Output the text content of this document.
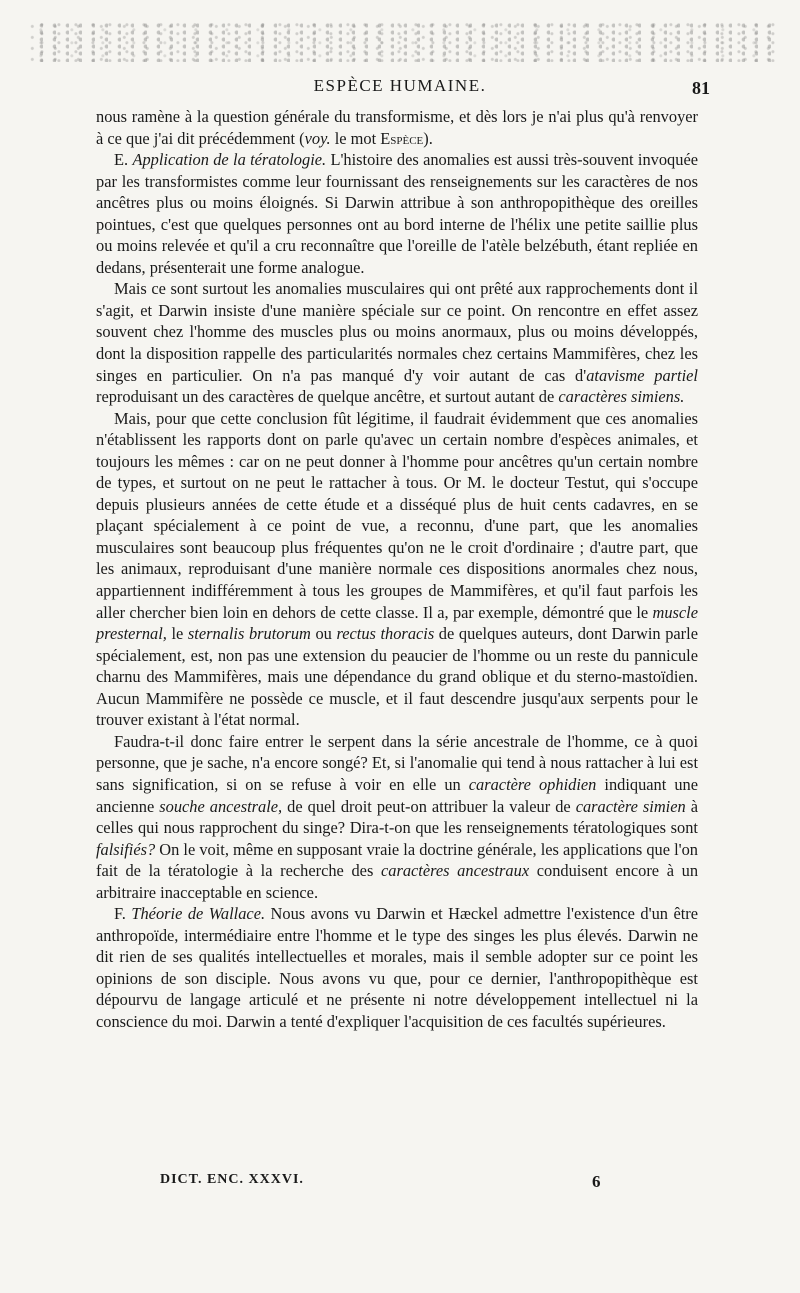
ESPÈCE HUMAINE.	81

nous ramène à la question générale du transformisme, et dès lors je n'ai plus qu'à renvoyer à ce que j'ai dit précédemment (voy. le mot Espèce).

E. Application de la tératologie. L'histoire des anomalies est aussi très-souvent invoquée par les transformistes comme leur fournissant des renseignements sur les caractères de nos ancêtres plus ou moins éloignés. Si Darwin attribue à son anthropopithèque des oreilles pointues, c'est que quelques personnes ont au bord interne de l'hélix une petite saillie plus ou moins relevée et qu'il a cru reconnaître que l'oreille de l'atèle belzébuth, étant repliée en dedans, présenterait une forme analogue.

Mais ce sont surtout les anomalies musculaires qui ont prêté aux rapprochements dont il s'agit, et Darwin insiste d'une manière spéciale sur ce point. On rencontre en effet assez souvent chez l'homme des muscles plus ou moins anormaux, plus ou moins développés, dont la disposition rappelle des particularités normales chez certains Mammifères, chez les singes en particulier. On n'a pas manqué d'y voir autant de cas d'atavisme partiel reproduisant un des caractères de quelque ancêtre, et surtout autant de caractères simiens.

Mais, pour que cette conclusion fût légitime, il faudrait évidemment que ces anomalies n'établissent les rapports dont on parle qu'avec un certain nombre d'espèces animales, et toujours les mêmes : car on ne peut donner à l'homme pour ancêtres qu'un certain nombre de types, et surtout on ne peut le rattacher à tous. Or M. le docteur Testut, qui s'occupe depuis plusieurs années de cette étude et a disséqué plus de huit cents cadavres, en se plaçant spécialement à ce point de vue, a reconnu, d'une part, que les anomalies musculaires sont beaucoup plus fréquentes qu'on ne le croit d'ordinaire ; d'autre part, que les animaux, reproduisant d'une manière normale ces dispositions anormales chez nous, appartiennent indifféremment à tous les groupes de Mammifères, et qu'il faut parfois les aller chercher bien loin en dehors de cette classe. Il a, par exemple, démontré que le muscle presternal, le sternalis brutorum ou rectus thoracis de quelques auteurs, dont Darwin parle spécialement, est, non pas une extension du peaucier de l'homme ou un reste du pannicule charnu des Mammifères, mais une dépendance du grand oblique et du sterno-mastoïdien. Aucun Mammifère ne possède ce muscle, et il faut descendre jusqu'aux serpents pour le trouver existant à l'état normal.

Faudra-t-il donc faire entrer le serpent dans la série ancestrale de l'homme, ce à quoi personne, que je sache, n'a encore songé? Et, si l'anomalie qui tend à nous rattacher à lui est sans signification, si on se refuse à voir en elle un caractère ophidien indiquant une ancienne souche ancestrale, de quel droit peut-on attribuer la valeur de caractère simien à celles qui nous rapprochent du singe? Dira-t-on que les renseignements tératologiques sont falsifiés? On le voit, même en supposant vraie la doctrine générale, les applications que l'on fait de la tératologie à la recherche des caractères ancestraux conduisent encore à un arbitraire inacceptable en science.

F. Théorie de Wallace. Nous avons vu Darwin et Hæckel admettre l'existence d'un être anthropoïde, intermédiaire entre l'homme et le type des singes les plus élevés. Darwin ne dit rien de ses qualités intellectuelles et morales, mais il semble adopter sur ce point les opinions de son disciple. Nous avons vu que, pour ce dernier, l'anthropopithèque est dépourvu de langage articulé et ne présente ni notre développement intellectuel ni la conscience du moi. Darwin a tenté d'expliquer l'acquisition de ces facultés supérieures.

DICT. ENC. XXXVI.	6
